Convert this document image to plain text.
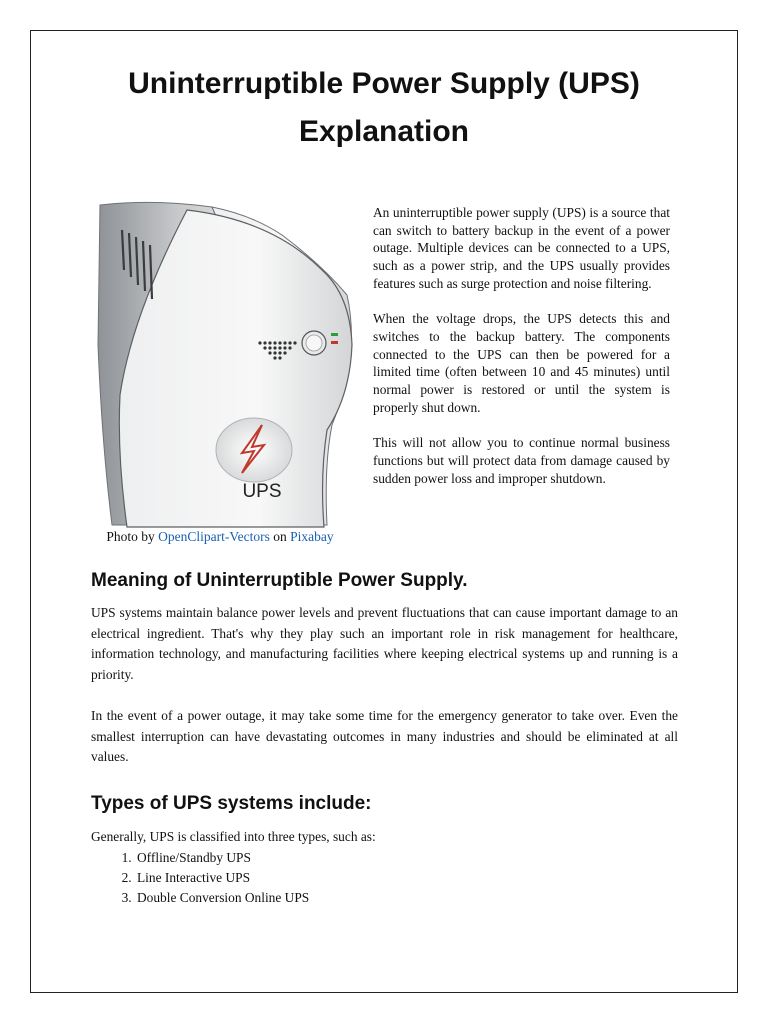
Uninterruptible Power Supply (UPS)
Explanation
UPS
Photo by OpenClipart-Vectors on Pixabay

An uninterruptible power supply (UPS) is a source that can switch to battery backup in the event of a power outage. Multiple devices can be connected to a UPS, such as a power strip, and the UPS usually provides features such as surge protection and noise filtering.

When the voltage drops, the UPS detects this and switches to the backup battery. The components connected to the UPS can then be powered for a limited time (often between 10 and 45 minutes) until normal power is restored or until the system is properly shut down.

This will not allow you to continue normal business functions but will protect data from damage caused by sudden power loss and improper shutdown.

Meaning of Uninterruptible Power Supply.

UPS systems maintain balance power levels and prevent fluctuations that can cause important damage to an electrical ingredient. That's why they play such an important role in risk management for healthcare, information technology, and manufacturing facilities where keeping electrical systems up and running is a priority.

In the event of a power outage, it may take some time for the emergency generator to take over. Even the smallest interruption can have devastating outcomes in many industries and should be eliminated at all values.

Types of UPS systems include:

Generally, UPS is classified into three types, such as:

1. Offline/Standby UPS
2. Line Interactive UPS
3. Double Conversion Online UPS
